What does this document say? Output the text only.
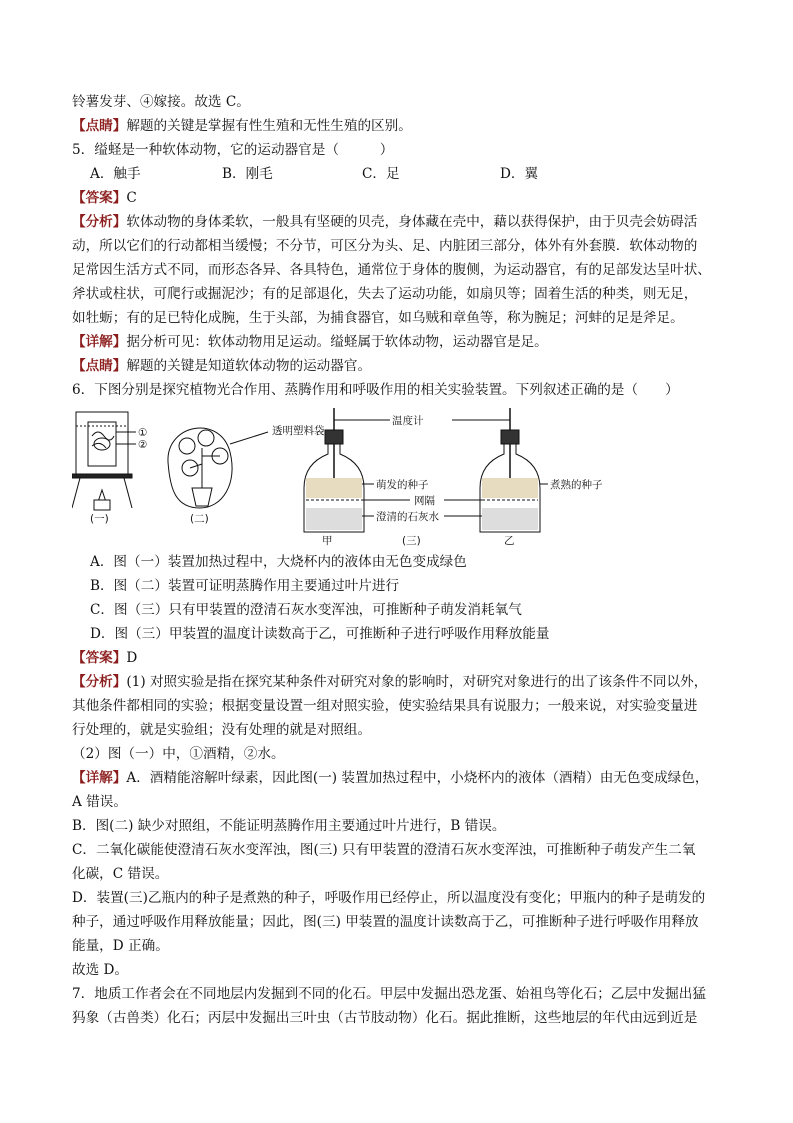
铃薯发芽、④嫁接。故选 C。
【点睛】解题的关键是掌握有性生殖和无性生殖的区别。
5．缢蛏是一种软体动物，它的运动器官是（　　　）
A．触手	B．刚毛	C．足	D．翼
【答案】C
【分析】软体动物的身体柔软，一般具有坚硬的贝壳，身体藏在壳中，藉以获得保护，由于贝壳会妨碍活
动，所以它们的行动都相当缓慢；不分节，可区分为头、足、内脏团三部分，体外有外套膜．软体动物的
足常因生活方式不同，而形态各异、各具特色，通常位于身体的腹侧，为运动器官，有的足部发达呈叶状、
斧状或柱状，可爬行或掘泥沙；有的足部退化，失去了运动功能，如扇贝等；固着生活的种类，则无足，
如牡蛎；有的足已特化成腕，生于头部，为捕食器官，如乌贼和章鱼等，称为腕足；河蚌的足是斧足。
【详解】据分析可见：软体动物用足运动。缢蛏属于软体动物，运动器官是足。
【点睛】解题的关键是知道软体动物的运动器官。
6．下图分别是探究植物光合作用、蒸腾作用和呼吸作用的相关实验装置。下列叙述正确的是（　　）
①
②
(一)
透明塑料袋
(二)
温度计
萌发的种子	煮熟的种子
网隔
澄清的石灰水
甲	(三)	乙
A．图（一）装置加热过程中，大烧杯内的液体由无色变成绿色
B．图（二）装置可证明蒸腾作用主要通过叶片进行
C．图（三）只有甲装置的澄清石灰水变浑浊，可推断种子萌发消耗氧气
D．图（三）甲装置的温度计读数高于乙，可推断种子进行呼吸作用释放能量
【答案】D
【分析】(1) 对照实验是指在探究某种条件对研究对象的影响时，对研究对象进行的出了该条件不同以外，
其他条件都相同的实验；根据变量设置一组对照实验，使实验结果具有说服力；一般来说，对实验变量进
行处理的，就是实验组；没有处理的就是对照组。
（2）图（一）中，①酒精，②水。
【详解】A．酒精能溶解叶绿素，因此图(一) 装置加热过程中，小烧杯内的液体（酒精）由无色变成绿色，
A 错误。
B．图(二) 缺少对照组，不能证明蒸腾作用主要通过叶片进行，B 错误。
C．二氧化碳能使澄清石灰水变浑浊，图(三) 只有甲装置的澄清石灰水变浑浊，可推断种子萌发产生二氧
化碳，C 错误。
D．装置(三)乙瓶内的种子是煮熟的种子，呼吸作用已经停止，所以温度没有变化；甲瓶内的种子是萌发的
种子，通过呼吸作用释放能量；因此，图(三) 甲装置的温度计读数高于乙，可推断种子进行呼吸作用释放
能量，D 正确。
故选 D。
7．地质工作者会在不同地层内发掘到不同的化石。甲层中发掘出恐龙蛋、始祖鸟等化石；乙层中发掘出猛
犸象（古兽类）化石；丙层中发掘出三叶虫（古节肢动物）化石。据此推断，这些地层的年代由远到近是
